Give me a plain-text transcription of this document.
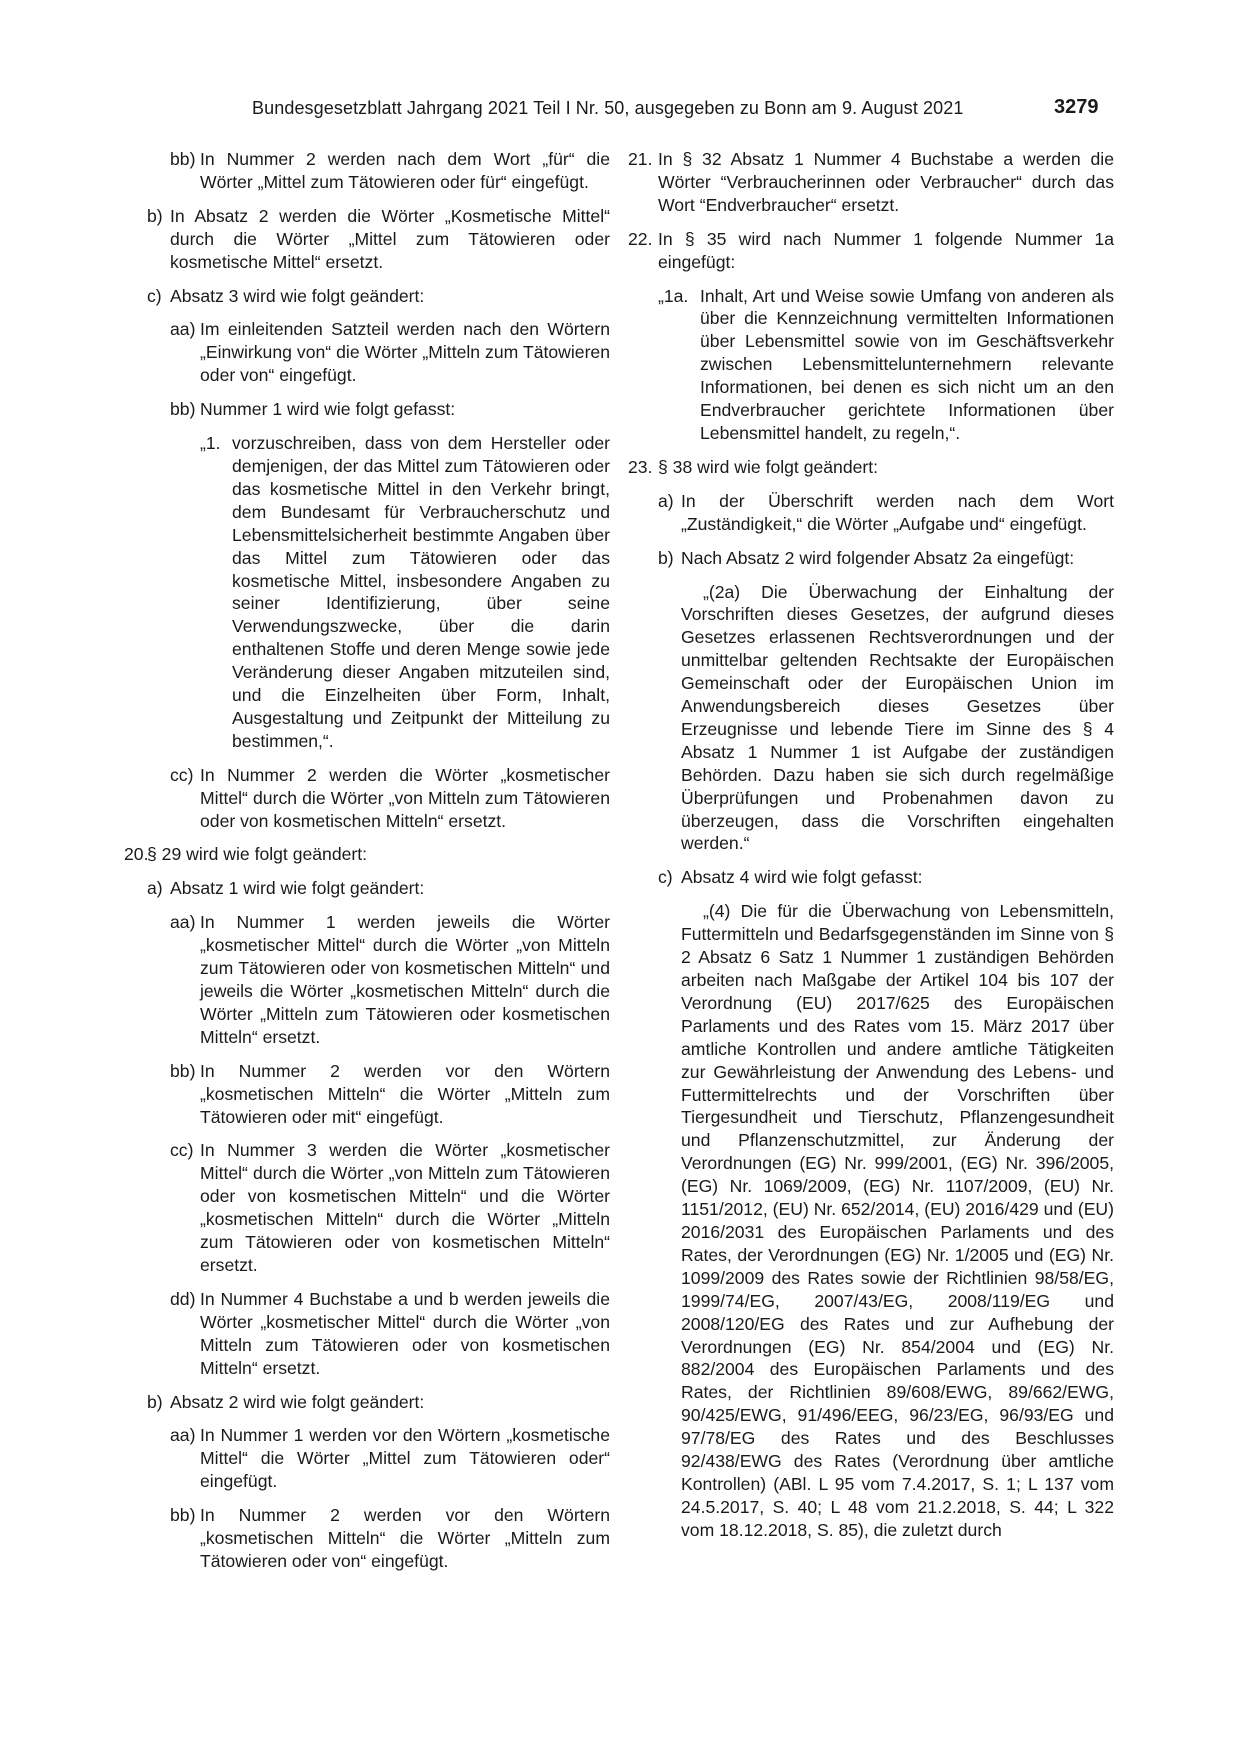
Bundesgesetzblatt Jahrgang 2021 Teil I Nr. 50, ausgegeben zu Bonn am 9. August 2021	3279
bb) In Nummer 2 werden nach dem Wort „für“ die Wörter „Mittel zum Tätowieren oder für“ eingefügt.
b) In Absatz 2 werden die Wörter „Kosmetische Mittel“ durch die Wörter „Mittel zum Tätowieren oder kosmetische Mittel“ ersetzt.
c) Absatz 3 wird wie folgt geändert:
aa) Im einleitenden Satzteil werden nach den Wörtern „Einwirkung von“ die Wörter „Mitteln zum Tätowieren oder von“ eingefügt.
bb) Nummer 1 wird wie folgt gefasst:
„1. vorzuschreiben, dass von dem Hersteller oder demjenigen, der das Mittel zum Tätowieren oder das kosmetische Mittel in den Verkehr bringt, dem Bundesamt für Verbraucherschutz und Lebensmittelsicherheit bestimmte Angaben über das Mittel zum Tätowieren oder das kosmetische Mittel, insbesondere Angaben zu seiner Identifizierung, über seine Verwendungszwecke, über die darin enthaltenen Stoffe und deren Menge sowie jede Veränderung dieser Angaben mitzuteilen sind, und die Einzelheiten über Form, Inhalt, Ausgestaltung und Zeitpunkt der Mitteilung zu bestimmen,“.
cc) In Nummer 2 werden die Wörter „kosmetischer Mittel“ durch die Wörter „von Mitteln zum Tätowieren oder von kosmetischen Mitteln“ ersetzt.
20.
§ 29 wird wie folgt geändert:
a) Absatz 1 wird wie folgt geändert:
aa) In Nummer 1 werden jeweils die Wörter „kosmetischer Mittel“ durch die Wörter „von Mitteln zum Tätowieren oder von kosmetischen Mitteln“ und jeweils die Wörter „kosmetischen Mitteln“ durch die Wörter „Mitteln zum Tätowieren oder kosmetischen Mitteln“ ersetzt.
bb) In Nummer 2 werden vor den Wörtern „kosmetischen Mitteln“ die Wörter „Mitteln zum Tätowieren oder mit“ eingefügt.
cc) In Nummer 3 werden die Wörter „kosmetischer Mittel“ durch die Wörter „von Mitteln zum Tätowieren oder von kosmetischen Mitteln“ und die Wörter „kosmetischen Mitteln“ durch die Wörter „Mitteln zum Tätowieren oder von kosmetischen Mitteln“ ersetzt.
dd) In Nummer 4 Buchstabe a und b werden jeweils die Wörter „kosmetischer Mittel“ durch die Wörter „von Mitteln zum Tätowieren oder von kosmetischen Mitteln“ ersetzt.
b) Absatz 2 wird wie folgt geändert:
aa) In Nummer 1 werden vor den Wörtern „kosmetische Mittel“ die Wörter „Mittel zum Tätowieren oder“ eingefügt.
bb) In Nummer 2 werden vor den Wörtern „kosmetischen Mitteln“ die Wörter „Mitteln zum Tätowieren oder von“ eingefügt.
21. In § 32 Absatz 1 Nummer 4 Buchstabe a werden die Wörter “Verbraucherinnen oder Verbraucher“ durch das Wort “Endverbraucher“ ersetzt.
22. In § 35 wird nach Nummer 1 folgende Nummer 1a eingefügt:
„1a. Inhalt, Art und Weise sowie Umfang von anderen als über die Kennzeichnung vermittelten Informationen über Lebensmittel sowie von im Geschäftsverkehr zwischen Lebensmittelunternehmern relevante Informationen, bei denen es sich nicht um an den Endverbraucher gerichtete Informationen über Lebensmittel handelt, zu regeln,“.
23. § 38 wird wie folgt geändert:
a) In der Überschrift werden nach dem Wort „Zuständigkeit,“ die Wörter „Aufgabe und“ eingefügt.
b) Nach Absatz 2 wird folgender Absatz 2a eingefügt:
„(2a) Die Überwachung der Einhaltung der Vorschriften dieses Gesetzes, der aufgrund dieses Gesetzes erlassenen Rechtsverordnungen und der unmittelbar geltenden Rechtsakte der Europäischen Gemeinschaft oder der Europäischen Union im Anwendungsbereich dieses Gesetzes über Erzeugnisse und lebende Tiere im Sinne des § 4 Absatz 1 Nummer 1 ist Aufgabe der zuständigen Behörden. Dazu haben sie sich durch regelmäßige Überprüfungen und Probenahmen davon zu überzeugen, dass die Vorschriften eingehalten werden.“
c) Absatz 4 wird wie folgt gefasst:
„(4) Die für die Überwachung von Lebensmitteln, Futtermitteln und Bedarfsgegenständen im Sinne von § 2 Absatz 6 Satz 1 Nummer 1 zuständigen Behörden arbeiten nach Maßgabe der Artikel 104 bis 107 der Verordnung (EU) 2017/625 des Europäischen Parlaments und des Rates vom 15. März 2017 über amtliche Kontrollen und andere amtliche Tätigkeiten zur Gewährleistung der Anwendung des Lebens- und Futtermittelrechts und der Vorschriften über Tiergesundheit und Tierschutz, Pflanzengesundheit und Pflanzenschutzmittel, zur Änderung der Verordnungen (EG) Nr. 999/2001, (EG) Nr. 396/2005, (EG) Nr. 1069/2009, (EG) Nr. 1107/2009, (EU) Nr. 1151/2012, (EU) Nr. 652/2014, (EU) 2016/429 und (EU) 2016/2031 des Europäischen Parlaments und des Rates, der Verordnungen (EG) Nr. 1/2005 und (EG) Nr. 1099/2009 des Rates sowie der Richtlinien 98/58/EG, 1999/74/EG, 2007/43/EG, 2008/119/EG und 2008/120/EG des Rates und zur Aufhebung der Verordnungen (EG) Nr. 854/2004 und (EG) Nr. 882/2004 des Europäischen Parlaments und des Rates, der Richtlinien 89/608/EWG, 89/662/EWG, 90/425/EWG, 91/496/EEG, 96/23/EG, 96/93/EG und 97/78/EG des Rates und des Beschlusses 92/438/EWG des Rates (Verordnung über amtliche Kontrollen) (ABl. L 95 vom 7.4.2017, S. 1; L 137 vom 24.5.2017, S. 40; L 48 vom 21.2.2018, S. 44; L 322 vom 18.12.2018, S. 85), die zuletzt durch
